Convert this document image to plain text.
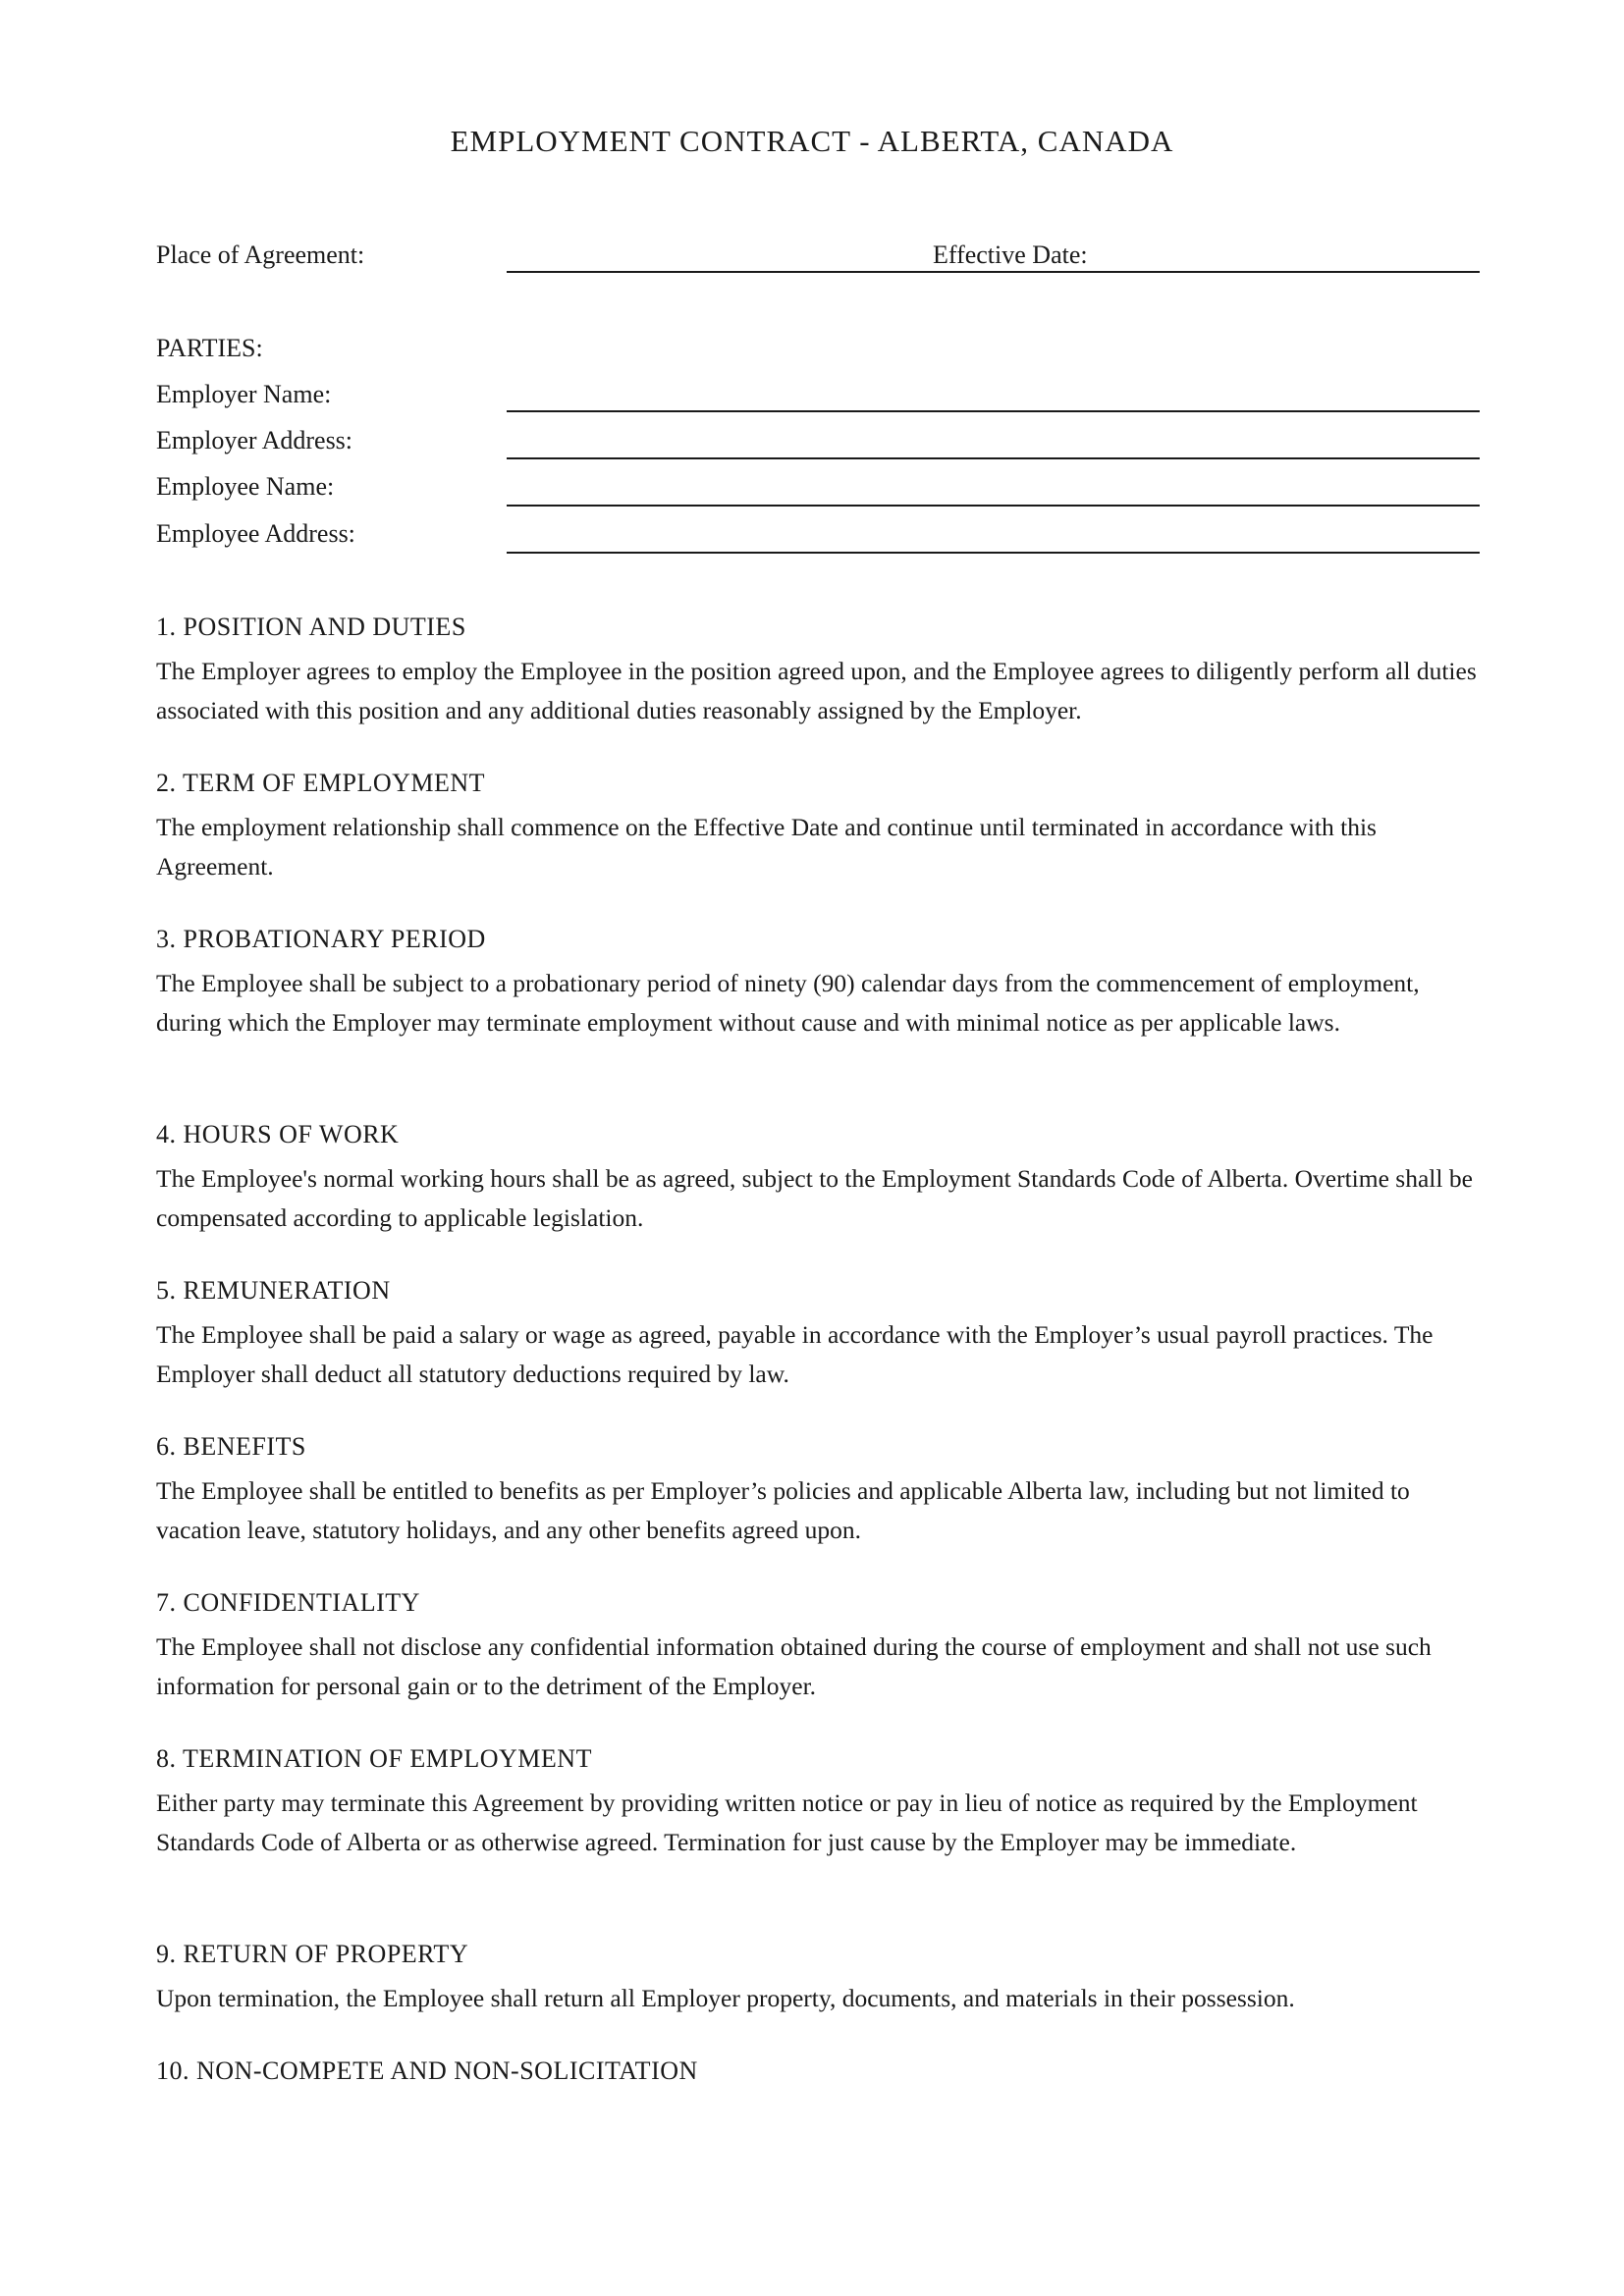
EMPLOYMENT CONTRACT - ALBERTA, CANADA
Place of Agreement:	Effective Date:
PARTIES:
Employer Name:
Employer Address:
Employee Name:
Employee Address:
1. POSITION AND DUTIES

The Employer agrees to employ the Employee in the position agreed upon, and the Employee agrees to diligently perform all duties associated with this position and any additional duties reasonably assigned by the Employer.

2. TERM OF EMPLOYMENT

The employment relationship shall commence on the Effective Date and continue until terminated in accordance with this Agreement.

3. PROBATIONARY PERIOD

The Employee shall be subject to a probationary period of ninety (90) calendar days from the commencement of employment, during which the Employer may terminate employment without cause and with minimal notice as per applicable laws.

4. HOURS OF WORK

The Employee's normal working hours shall be as agreed, subject to the Employment Standards Code of Alberta. Overtime shall be compensated according to applicable legislation.

5. REMUNERATION

The Employee shall be paid a salary or wage as agreed, payable in accordance with the Employer’s usual payroll practices. The Employer shall deduct all statutory deductions required by law.

6. BENEFITS

The Employee shall be entitled to benefits as per Employer’s policies and applicable Alberta law, including but not limited to vacation leave, statutory holidays, and any other benefits agreed upon.

7. CONFIDENTIALITY

The Employee shall not disclose any confidential information obtained during the course of employment and shall not use such information for personal gain or to the detriment of the Employer.

8. TERMINATION OF EMPLOYMENT

Either party may terminate this Agreement by providing written notice or pay in lieu of notice as required by the Employment Standards Code of Alberta or as otherwise agreed. Termination for just cause by the Employer may be immediate.

9. RETURN OF PROPERTY

Upon termination, the Employee shall return all Employer property, documents, and materials in their possession.

10. NON-COMPETE AND NON-SOLICITATION
